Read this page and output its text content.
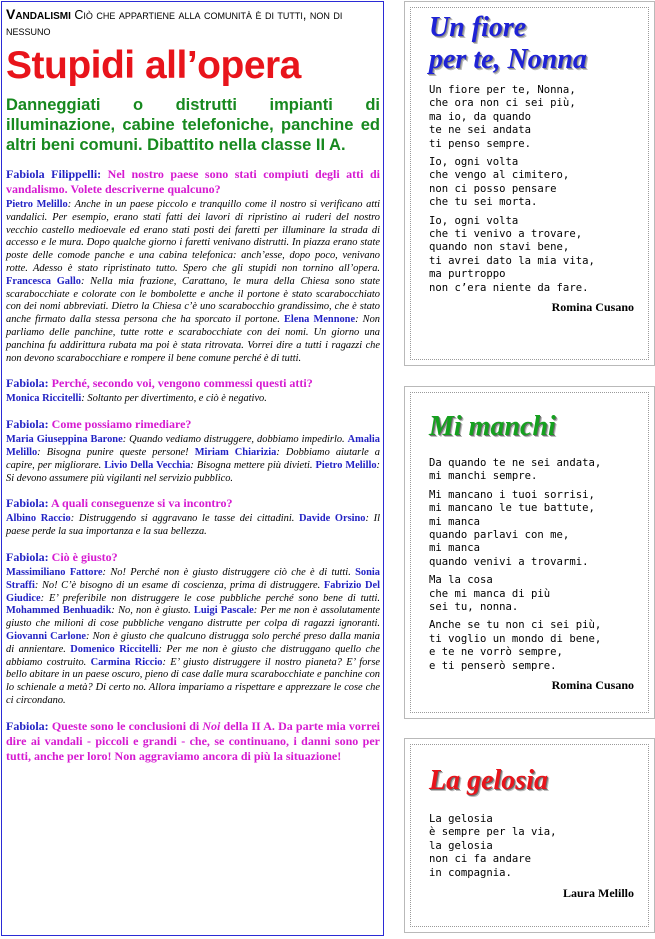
Vandalismi Ciò che appartiene alla comunità è di tutti, non di nessuno
Stupidi all’opera
Danneggiati o distrutti impianti di illuminazione, cabine telefoniche, panchine ed altri beni comuni. Dibattito nella classe II A.

Fabiola Filippelli: Nel nostro paese sono stati compiuti degli atti di vandalismo. Volete descriverne qualcuno?

Pietro Melillo: Anche in un paese piccolo e tranquillo come il nostro si verificano atti vandalici. Per esempio, erano stati fatti dei lavori di ripristino ai ruderi del nostro vecchio castello medioevale ed erano stati posti dei faretti per illuminare la strada di accesso e le mura. Dopo qualche giorno i faretti venivano distrutti. In piazza erano state poste delle comode panche e una cabina telefonica: anch’esse, dopo poco, venivano rotte. Adesso è stato ripristinato tutto. Spero che gli stupidi non tornino all’opera. Francesca Gallo: Nella mia frazione, Carattano, le mura della Chiesa sono state scarabocchiate e colorate con le bombolette e anche il portone è stato scarabocchiato con dei nomi abbreviati. Dietro la Chiesa c’è uno scarabocchio grandissimo, che è stato anche firmato dalla stessa persona che ha sporcato il portone. Elena Mennone: Non parliamo delle panchine, tutte rotte e scarabocchiate con dei nomi. Un giorno una panchina fu addirittura rubata ma poi è stata ritrovata. Vorrei dire a tutti i ragazzi che non devono scarabocchiare e rompere il bene comune perché è di tutti.

Fabiola: Perché, secondo voi, vengono commessi questi atti?

Monica Riccitelli: Soltanto per divertimento, e ciò è negativo.

Fabiola: Come possiamo rimediare?

Maria Giuseppina Barone: Quando vediamo distruggere, dobbiamo impedirlo. Amalia Melillo: Bisogna punire queste persone! Miriam Chiarizia: Dobbiamo aiutarle a capire, per migliorare. Livio Della Vecchia: Bisogna mettere più divieti. Pietro Melillo: Si devono assumere più vigilanti nel servizio pubblico.

Fabiola: A quali conseguenze si va incontro?

Albino Raccio: Distruggendo si aggravano le tasse dei cittadini. Davide Orsino: Il paese perde la sua importanza e la sua bellezza.

Fabiola: Ciò è giusto?

Massimiliano Fattore: No! Perché non è giusto distruggere ciò che è di tutti. Sonia Straffi: No! C’è bisogno di un esame di coscienza, prima di distruggere. Fabrizio Del Giudice: E’ preferibile non distruggere le cose pubbliche perché sono bene di tutti. Mohammed Benhuadik: No, non è giusto. Luigi Pascale: Per me non è assolutamente giusto che milioni di cose pubbliche vengano distrutte per colpa di ragazzi ignoranti. Giovanni Carlone: Non è giusto che qualcuno distrugga solo perché preso dalla mania di annientare. Domenico Riccitelli: Per me non è giusto che distruggano quello che abbiamo costruito. Carmina Riccio: E’ giusto distruggere il nostro pianeta? E’ forse bello abitare in un paese oscuro, pieno di case dalle mura scarabocchiate e panchine con lo schienale a metà? Di certo no. Allora impariamo a rispettare e apprezzare le cose che ci circondano.

Fabiola: Queste sono le conclusioni di Noi della II A. Da parte mia vorrei dire ai vandali - piccoli e grandi - che, se continuano, i danni sono per tutti, anche per loro! Non aggraviamo ancora di più la situazione!

Un fiore

per te, Nonna

Un fiore per te, Nonna,
che ora non ci sei più,
ma io, da quando
te ne sei andata
ti penso sempre.

Io, ogni volta
che vengo al cimitero,
non ci posso pensare
che tu sei morta.

Io, ogni volta
che ti venivo a trovare,
quando non stavi bene,
ti avrei dato la mia vita,
ma purtroppo
non c’era niente da fare.

Romina Cusano

Mi manchi

Da quando te ne sei andata,
mi manchi sempre.

Mi mancano i tuoi sorrisi,
mi mancano le tue battute,
mi manca
quando parlavi con me,
mi manca
quando venivi a trovarmi.

Ma la cosa
che mi manca di più
sei tu, nonna.

Anche se tu non ci sei più,
ti voglio un mondo di bene,
e te ne vorrò sempre,
e ti penserò sempre.

Romina Cusano

La gelosia

La gelosia
è sempre per la via,
la gelosia
non ci fa andare
in compagnia.

Laura Melillo
